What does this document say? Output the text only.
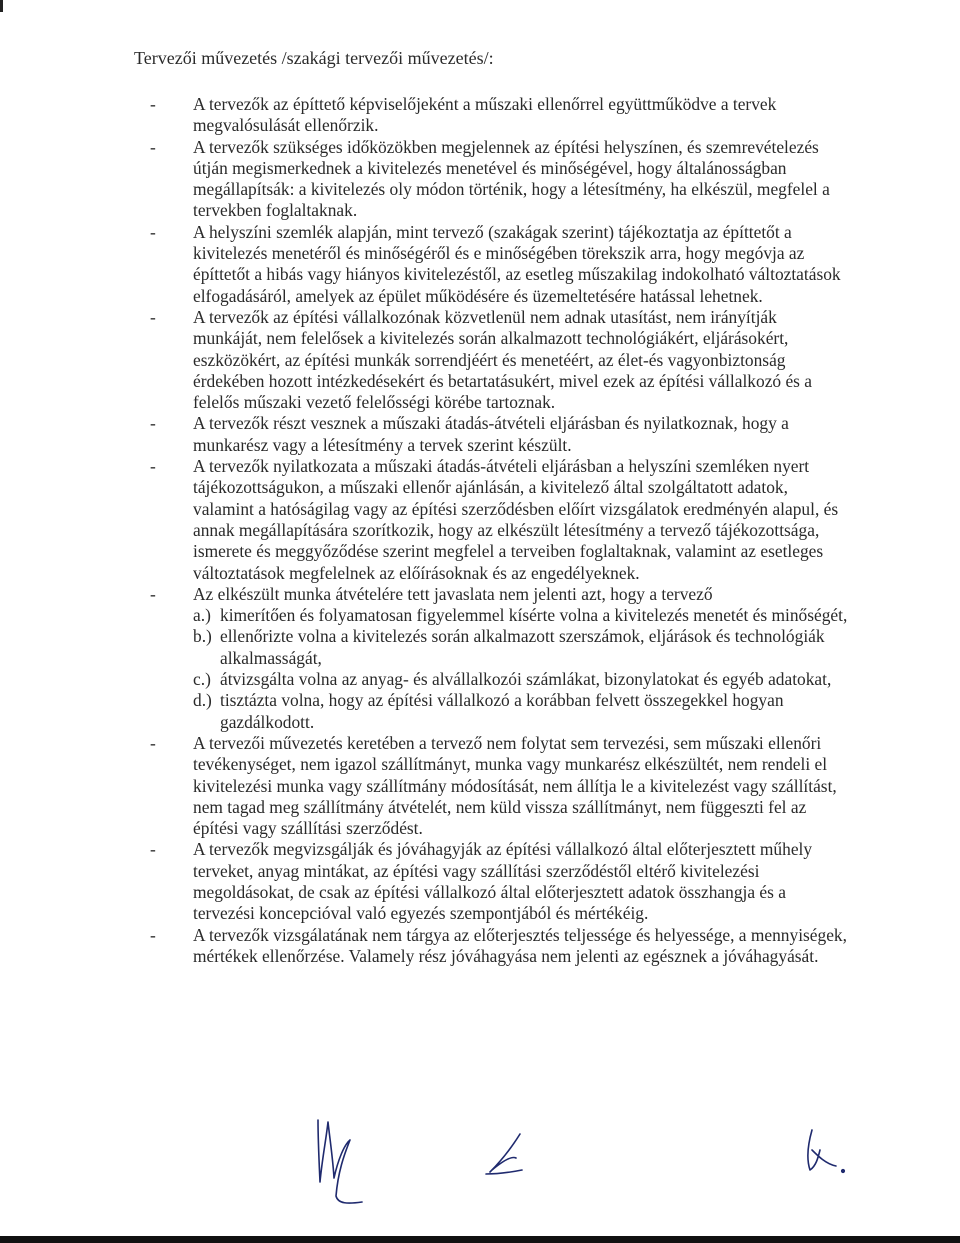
Tervezői művezetés /szakági tervezői művezetés/:
-	A tervezők az építtető képviselőjeként a műszaki ellenőrrel együttműködve a tervek megvalósulását ellenőrzik.
-	A tervezők szükséges időközökben megjelennek az építési helyszínen, és szemrevételezés útján megismerkednek a kivitelezés menetével és minőségével, hogy általánosságban megállapítsák: a kivitelezés oly módon történik, hogy a létesítmény, ha elkészül, megfelel a tervekben foglaltaknak.
-	A helyszíni szemlék alapján, mint tervező (szakágak szerint) tájékoztatja az építtetőt a kivitelezés menetéről és minőségéről és e minőségében törekszik arra, hogy megóvja az építtetőt a hibás vagy hiányos kivitelezéstől, az esetleg műszakilag indokolható változtatások elfogadásáról, amelyek az épület működésére és üzemeltetésére hatással lehetnek.
-	A tervezők az építési vállalkozónak közvetlenül nem adnak utasítást, nem irányítják munkáját, nem felelősek a kivitelezés során alkalmazott technológiákért, eljárásokért, eszközökért, az építési munkák sorrendjéért és menetéért, az élet-és vagyonbiztonság érdekében hozott intézkedésekért és betartatásukért, mivel ezek az építési vállalkozó és a felelős műszaki vezető felelősségi körébe tartoznak.
-	A tervezők részt vesznek a műszaki átadás-átvételi eljárásban és nyilatkoznak, hogy a munkarész vagy a létesítmény a tervek szerint készült.
-	A tervezők nyilatkozata a műszaki átadás-átvételi eljárásban a helyszíni szemléken nyert tájékozottságukon, a műszaki ellenőr ajánlásán, a kivitelező által szolgáltatott adatok, valamint a hatóságilag vagy az építési szerződésben előírt vizsgálatok eredményén alapul, és annak megállapítására szorítkozik, hogy az elkészült létesítmény a tervező tájékozottsága, ismerete és meggyőződése szerint megfelel a terveiben foglaltaknak, valamint az esetleges változtatások megfelelnek az előírásoknak és az engedélyeknek.
-	Az elkészült munka átvételére tett javaslata nem jelenti azt, hogy a tervező
a.) kimerítően és folyamatosan figyelemmel kísérte volna a kivitelezés menetét és minőségét,
b.) ellenőrizte volna a kivitelezés során alkalmazott szerszámok, eljárások és technológiák alkalmasságát,
c.) átvizsgálta volna az anyag- és alvállalkozói számlákat, bizonylatokat és egyéb adatokat,
d.) tisztázta volna, hogy az építési vállalkozó a korábban felvett összegekkel hogyan gazdálkodott.
-	A tervezői művezetés keretében a tervező nem folytat sem tervezési, sem műszaki ellenőri tevékenységet, nem igazol szállítmányt, munka vagy munkarész elkészültét, nem rendeli el kivitelezési munka vagy szállítmány módosítását, nem állítja le a kivitelezést vagy szállítást, nem tagad meg szállítmány átvételét, nem küld vissza szállítmányt, nem függeszti fel az építési vagy szállítási szerződést.
-	A tervezők megvizsgálják és jóváhagyják az építési vállalkozó által előterjesztett műhely terveket, anyag mintákat, az építési vagy szállítási szerződéstől eltérő kivitelezési megoldásokat, de csak az építési vállalkozó által előterjesztett adatok összhangja és a tervezési koncepcióval való egyezés szempontjából és mértékéig.
-	A tervezők vizsgálatának nem tárgya az előterjesztés teljessége és helyessége, a mennyiségek, mértékek ellenőrzése. Valamely rész jóváhagyása nem jelenti az egésznek a jóváhagyását.
